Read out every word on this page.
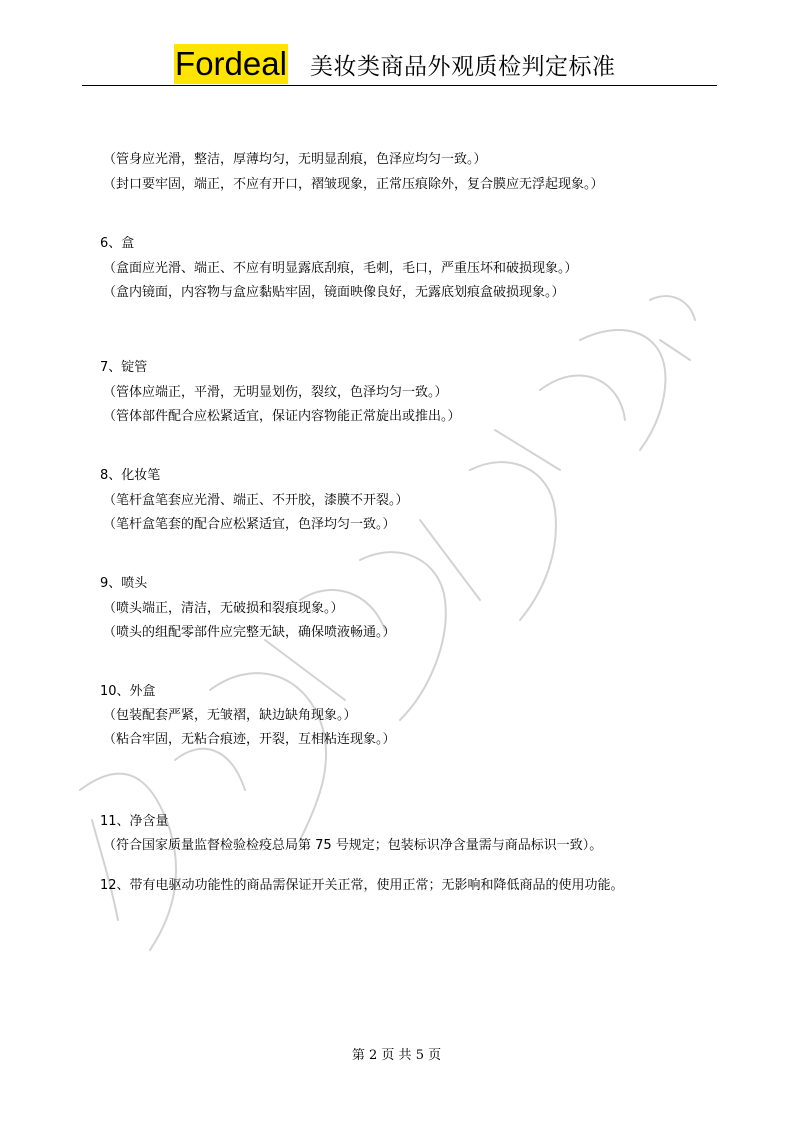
Fordeal 美妆类商品外观质检判定标准
（管身应光滑，整洁，厚薄均匀，无明显刮痕，色泽应均匀一致。）
（封口要牢固，端正，不应有开口，褶皱现象，正常压痕除外，复合膜应无浮起现象。）
6、盒
（盒面应光滑、端正、不应有明显露底刮痕，毛刺，毛口，严重压坏和破损现象。）
（盒内镜面，内容物与盒应黏贴牢固，镜面映像良好，无露底划痕盒破损现象。）
7、锭管
（管体应端正，平滑，无明显划伤，裂纹，色泽均匀一致。）
（管体部件配合应松紧适宜，保证内容物能正常旋出或推出。）
8、化妆笔
（笔杆盒笔套应光滑、端正、不开胶，漆膜不开裂。）
（笔杆盒笔套的配合应松紧适宜，色泽均匀一致。）
9、喷头
（喷头端正，清洁，无破损和裂痕现象。）
（喷头的组配零部件应完整无缺，确保喷液畅通。）
10、外盒
（包装配套严紧，无皱褶，缺边缺角现象。）
（粘合牢固，无粘合痕迹，开裂，互相粘连现象。）
11、净含量
（符合国家质量监督检验检疫总局第 75 号规定；包装标识净含量需与商品标识一致）。
12、带有电驱动功能性的商品需保证开关正常，使用正常；无影响和降低商品的使用功能。
第 2 页 共 5 页
